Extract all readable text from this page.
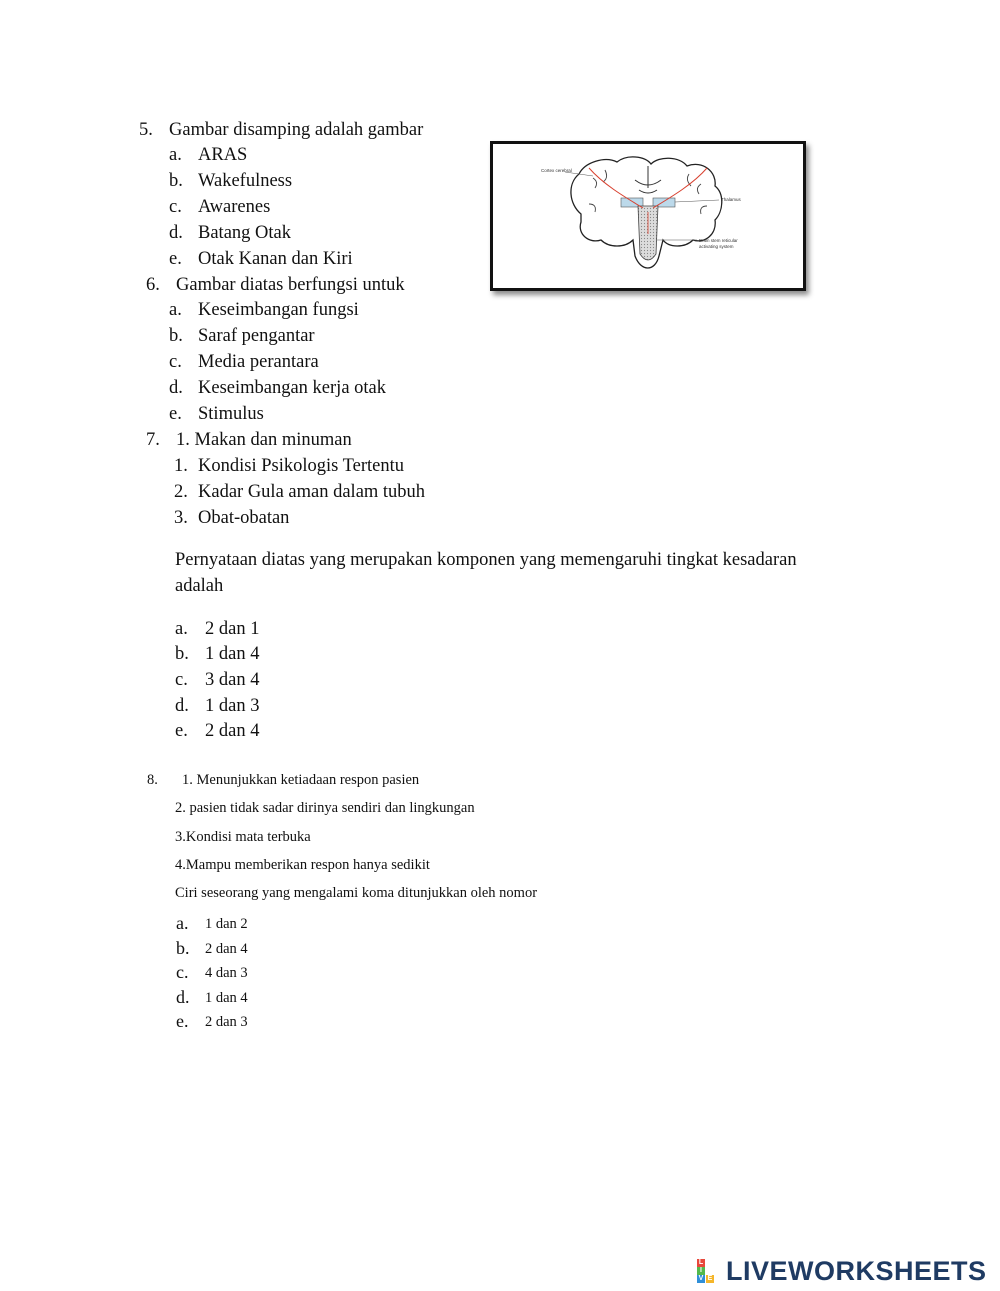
5. Gambar disamping adalah gambar
a. ARAS
b. Wakefulness
c. Awarenes
d. Batang Otak
e. Otak Kanan dan Kiri
Cortex cerebral
Thalamus
Brain stem reticular
activating system
6. Gambar diatas berfungsi untuk
a. Keseimbangan fungsi
b. Saraf pengantar
c. Media perantara
d. Keseimbangan kerja otak
e. Stimulus
7. 1. Makan dan minuman
1. Kondisi Psikologis Tertentu
2. Kadar Gula aman dalam tubuh
3. Obat-obatan
Pernyataan diatas yang merupakan komponen yang memengaruhi tingkat kesadaran
adalah
a. 2 dan 1
b. 1 dan 4
c. 3 dan 4
d. 1 dan 3
e. 2 dan 4
8. 1. Menunjukkan ketiadaan respon pasien
2. pasien tidak sadar dirinya sendiri dan lingkungan
3.Kondisi mata terbuka
4.Mampu memberikan respon hanya sedikit
Ciri seseorang yang mengalami koma ditunjukkan oleh nomor
a. 1 dan 2
b. 2 dan 4
c. 4 dan 3
d. 1 dan 4
e. 2 dan 3
L
I
V E LIVEWORKSHEETS
